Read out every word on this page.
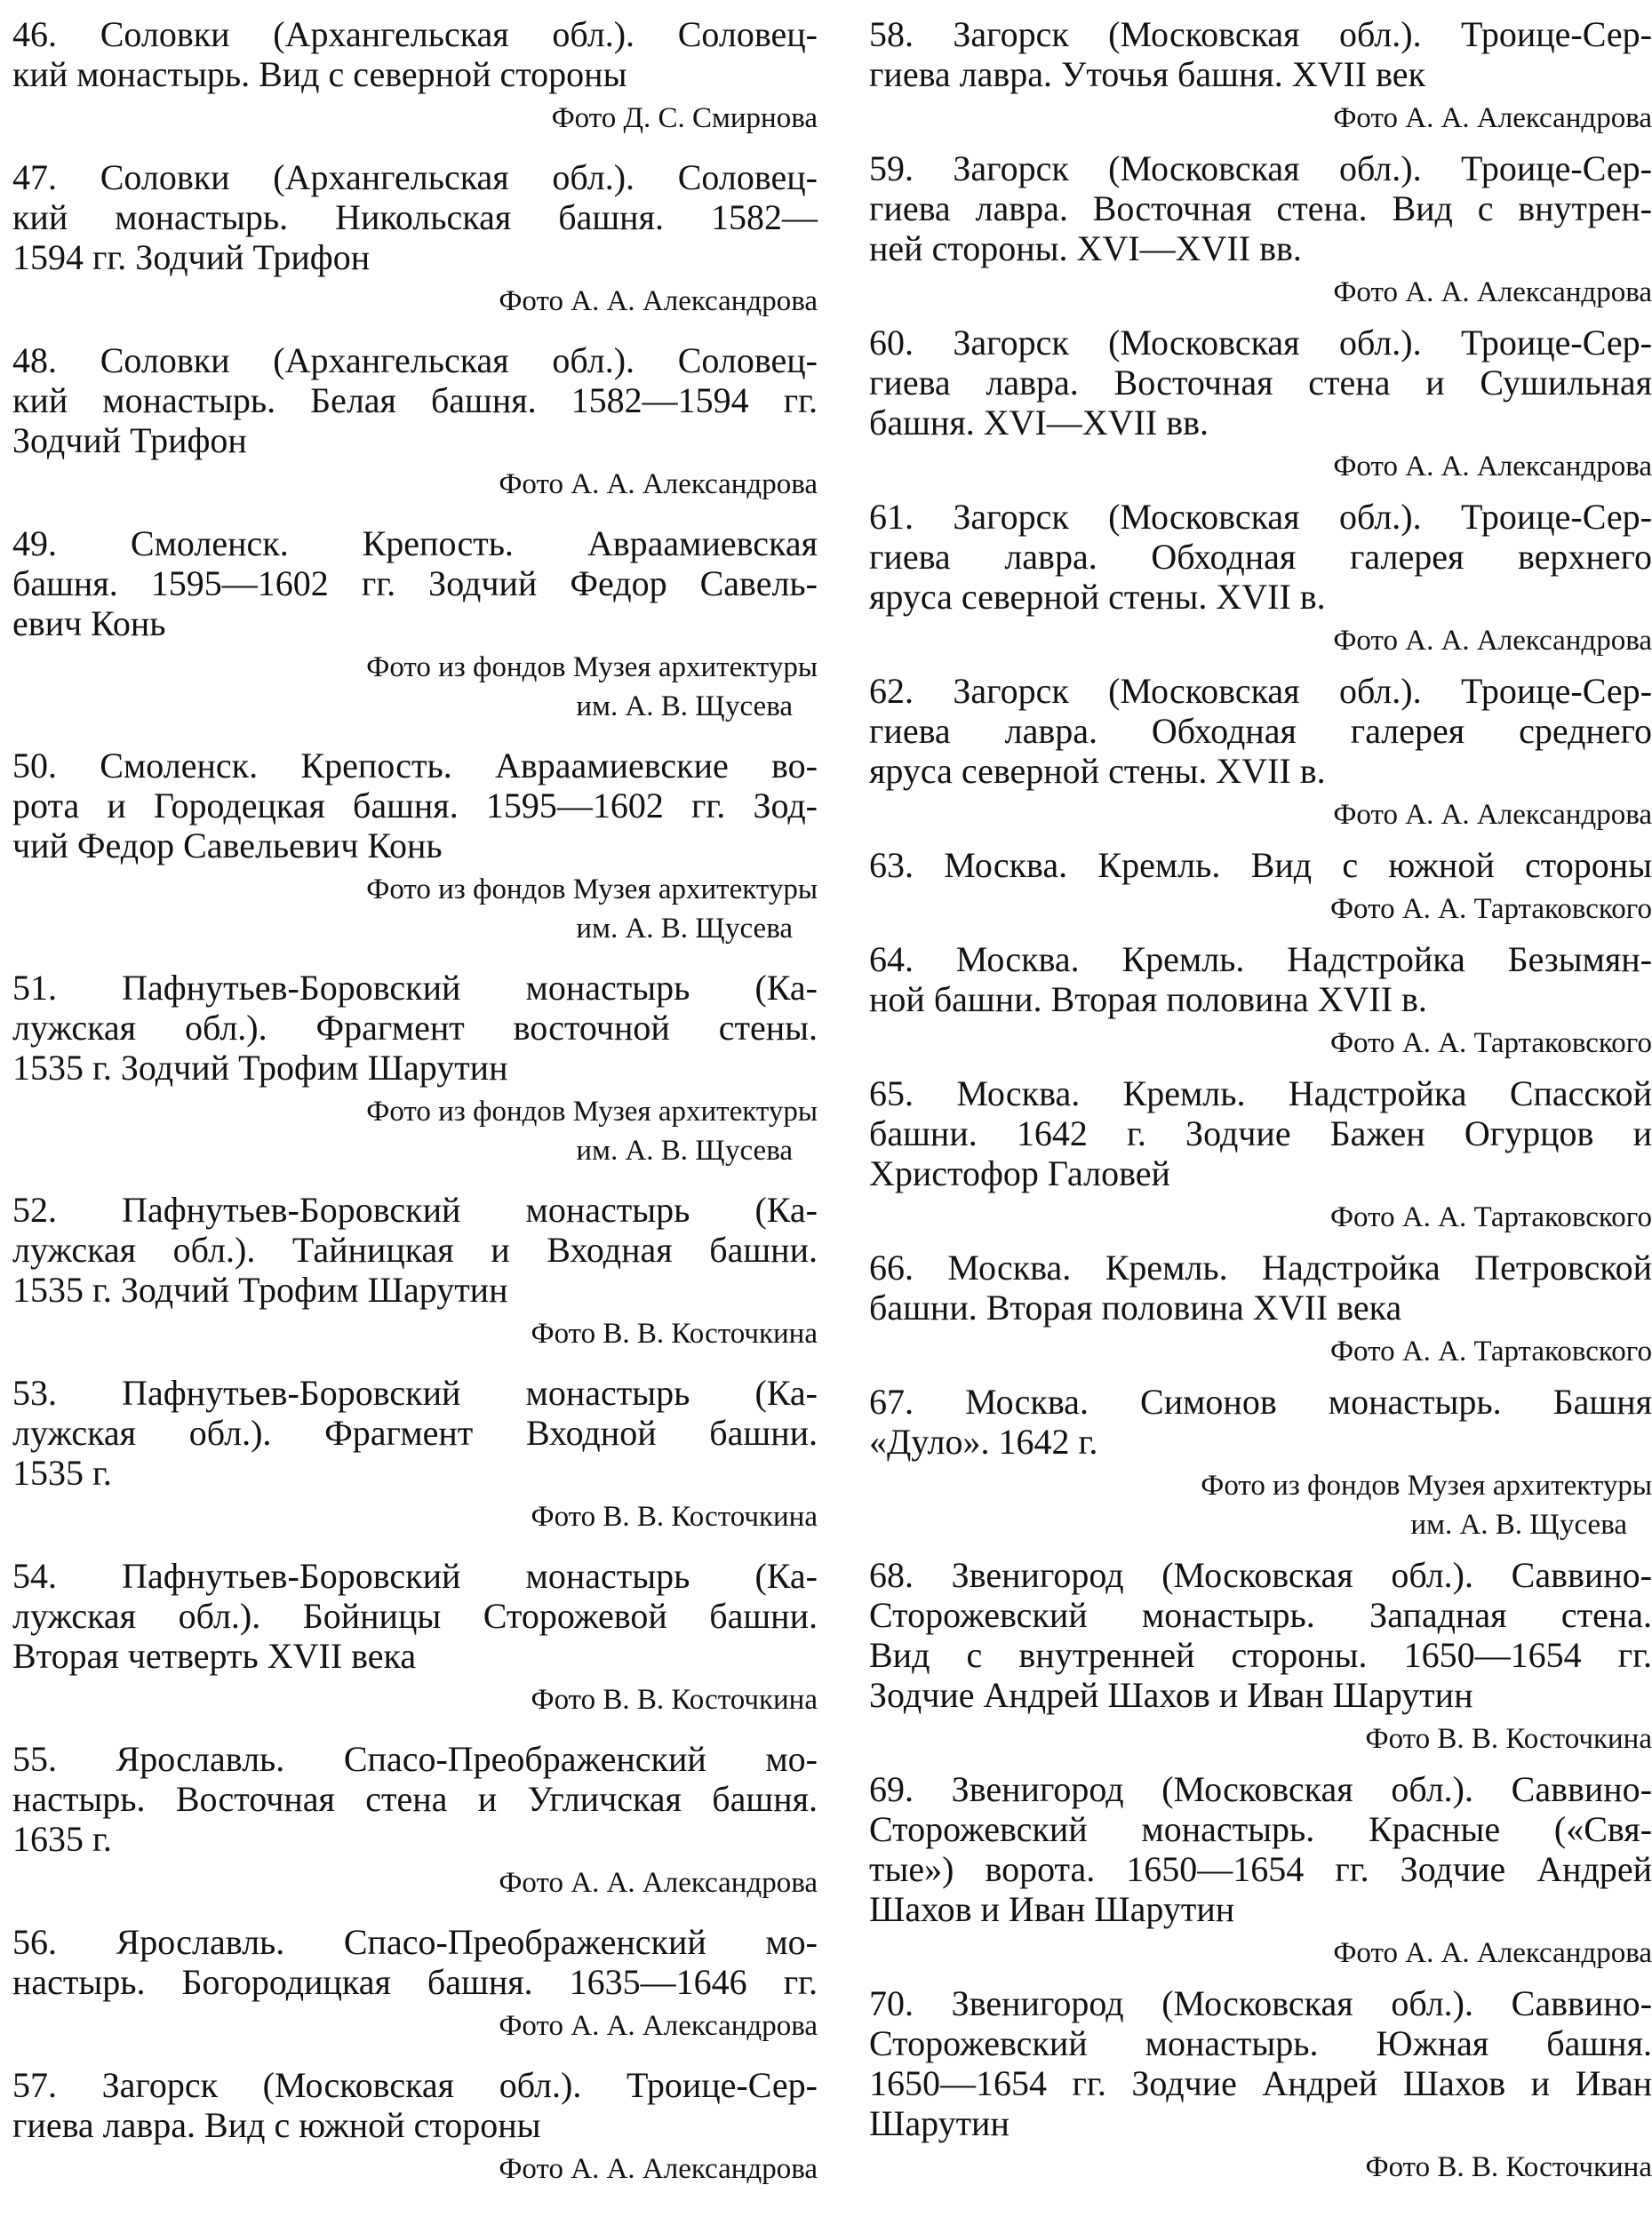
46. Соловки (Архангельская обл.). Соловец-
кий монастырь. Вид с северной стороны
Фото Д. С. Смирнова
47. Соловки (Архангельская обл.). Соловец-
кий монастырь. Никольская башня. 1582—
1594 гг. Зодчий Трифон
Фото А. А. Александрова
48. Соловки (Архангельская обл.). Соловец-
кий монастырь. Белая башня. 1582—1594 гг.
Зодчий Трифон
Фото А. А. Александрова
49. Смоленск. Крепость. Авраамиевская
башня. 1595—1602 гг. Зодчий Федор Савель-
евич Конь
Фото из фондов Музея архитектуры
им. А. В. Щусева
50. Смоленск. Крепость. Авраамиевские во-
рота и Городецкая башня. 1595—1602 гг. Зод-
чий Федор Савельевич Конь
Фото из фондов Музея архитектуры
им. А. В. Щусева
51. Пафнутьев-Боровский монастырь (Ка-
лужская обл.). Фрагмент восточной стены.
1535 г. Зодчий Трофим Шарутин
Фото из фондов Музея архитектуры
им. А. В. Щусева
52. Пафнутьев-Боровский монастырь (Ка-
лужская обл.). Тайницкая и Входная башни.
1535 г. Зодчий Трофим Шарутин
Фото В. В. Косточкина
53. Пафнутьев-Боровский монастырь (Ка-
лужская обл.). Фрагмент Входной башни.
1535 г.
Фото В. В. Косточкина
54. Пафнутьев-Боровский монастырь (Ка-
лужская обл.). Бойницы Сторожевой башни.
Вторая четверть XVII века
Фото В. В. Косточкина
55. Ярославль. Спасо-Преображенский мо-
настырь. Восточная стена и Угличская башня.
1635 г.
Фото А. А. Александрова
56. Ярославль. Спасо-Преображенский мо-
настырь. Богородицкая башня. 1635—1646 гг.
Фото А. А. Александрова
57. Загорск (Московская обл.). Троице-Сер-
гиева лавра. Вид с южной стороны
Фото А. А. Александрова
58. Загорск (Московская обл.). Троице-Сер-
гиева лавра. Уточья башня. XVII век
Фото А. А. Александрова
59. Загорск (Московская обл.). Троице-Сер-
гиева лавра. Восточная стена. Вид с внутрен-
ней стороны. XVI—XVII вв.
Фото А. А. Александрова
60. Загорск (Московская обл.). Троице-Сер-
гиева лавра. Восточная стена и Сушильная
башня. XVI—XVII вв.
Фото А. А. Александрова
61. Загорск (Московская обл.). Троице-Сер-
гиева лавра. Обходная галерея верхнего
яруса северной стены. XVII в.
Фото А. А. Александрова
62. Загорск (Московская обл.). Троице-Сер-
гиева лавра. Обходная галерея среднего
яруса северной стены. XVII в.
Фото А. А. Александрова
63. Москва. Кремль. Вид с южной стороны
Фото А. А. Тартаковского
64. Москва. Кремль. Надстройка Безымян-
ной башни. Вторая половина XVII в.
Фото А. А. Тартаковского
65. Москва. Кремль. Надстройка Спасской
башни. 1642 г. Зодчие Бажен Огурцов и
Христофор Галовей
Фото А. А. Тартаковского
66. Москва. Кремль. Надстройка Петровской
башни. Вторая половина XVII века
Фото А. А. Тартаковского
67. Москва. Симонов монастырь. Башня
«Дуло». 1642 г.
Фото из фондов Музея архитектуры
им. А. В. Щусева
68. Звенигород (Московская обл.). Саввино-
Сторожевский монастырь. Западная стена.
Вид с внутренней стороны. 1650—1654 гг.
Зодчие Андрей Шахов и Иван Шарутин
Фото В. В. Косточкина
69. Звенигород (Московская обл.). Саввино-
Сторожевский монастырь. Красные («Свя-
тые») ворота. 1650—1654 гг. Зодчие Андрей
Шахов и Иван Шарутин
Фото А. А. Александрова
70. Звенигород (Московская обл.). Саввино-
Сторожевский монастырь. Южная башня.
1650—1654 гг. Зодчие Андрей Шахов и Иван
Шарутин
Фото В. В. Косточкина
